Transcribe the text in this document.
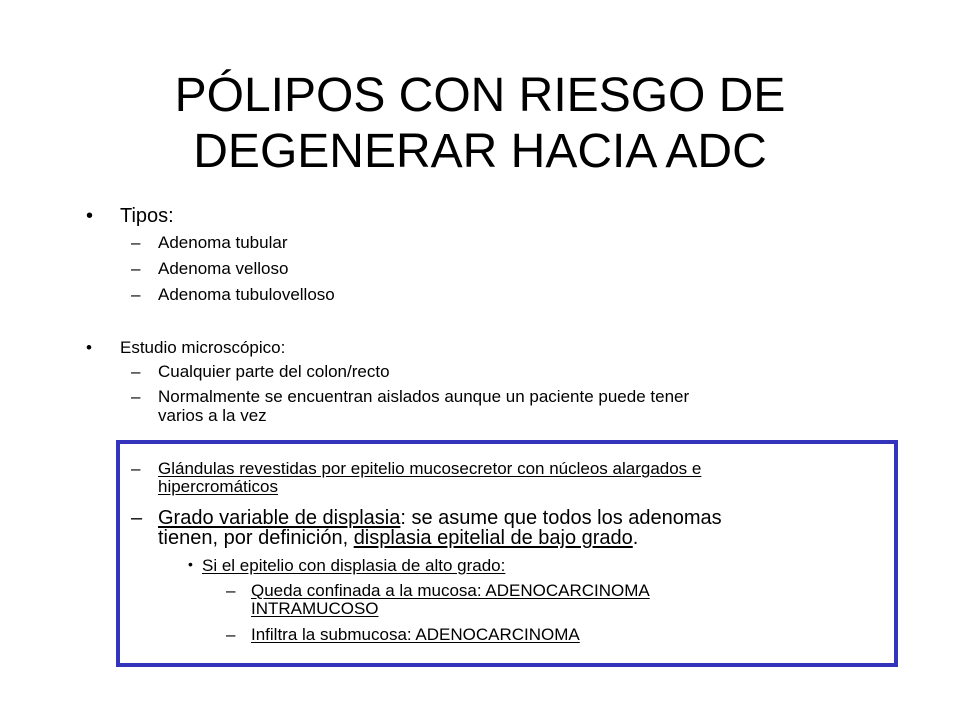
PÓLIPOS CON RIESGO DE
DEGENERAR HACIA ADC
• Tipos:
– Adenoma tubular
– Adenoma velloso
– Adenoma tubulovelloso
• Estudio microscópico:
– Cualquier parte del colon/recto
– Normalmente se encuentran aislados aunque un paciente puede tener
varios a la vez
– Glándulas revestidas por epitelio mucosecretor con núcleos alargados e
hipercromáticos
– Grado variable de displasia: se asume que todos los adenomas
tienen, por definición, displasia epitelial de bajo grado.
• Si el epitelio con displasia de alto grado:
– Queda confinada a la mucosa: ADENOCARCINOMA
INTRAMUCOSO
– Infiltra la submucosa: ADENOCARCINOMA
